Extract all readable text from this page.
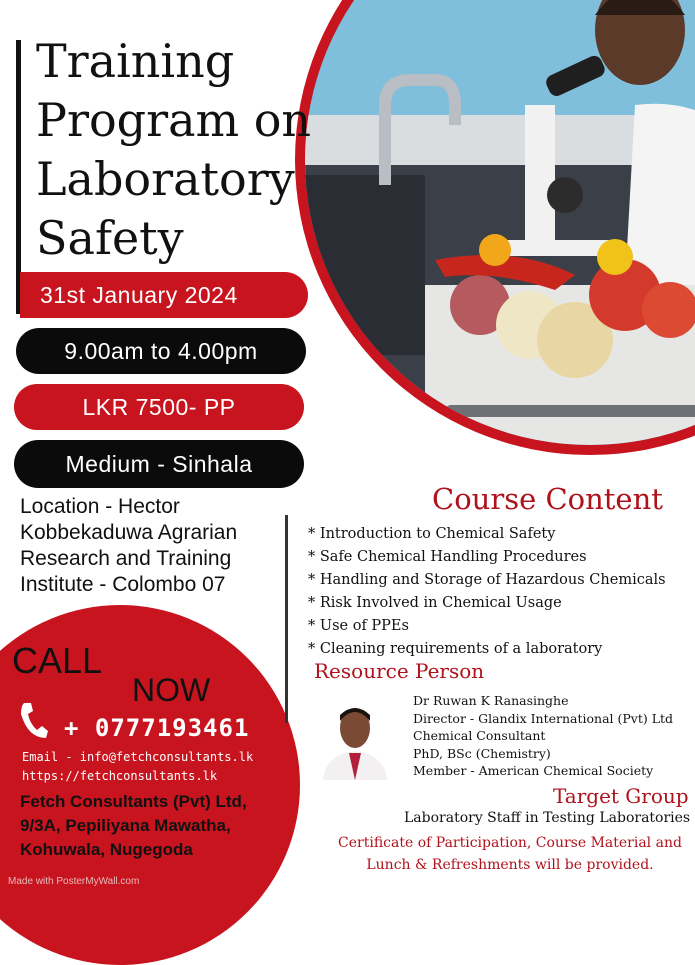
Training Program on Laboratory Safety
31st January 2024
9.00am to 4.00pm
LKR 7500- PP
Medium - Sinhala
Location - Hector Kobbekaduwa Agrarian Research and Training Institute - Colombo 07
CALL
NOW
+ 0777193461
Email - info@fetchconsultants.lk
https://fetchconsultants.lk
Fetch Consultants (Pvt) Ltd,
9/3A, Pepiliyana Mawatha,
Kohuwala, Nugegoda
Made with PosterMyWall.com
Course Content
* Introduction to Chemical Safety
* Safe Chemical Handling Procedures
* Handling and Storage of Hazardous Chemicals
* Risk Involved in Chemical Usage
* Use of PPEs
* Cleaning requirements of a laboratory
Resource Person
Dr Ruwan K Ranasinghe
Director - Glandix International (Pvt) Ltd
Chemical Consultant
PhD, BSc (Chemistry)
Member - American Chemical Society
Target Group
Laboratory Staff in Testing Laboratories
Certificate of Participation, Course Material and
Lunch & Refreshments will be provided.
